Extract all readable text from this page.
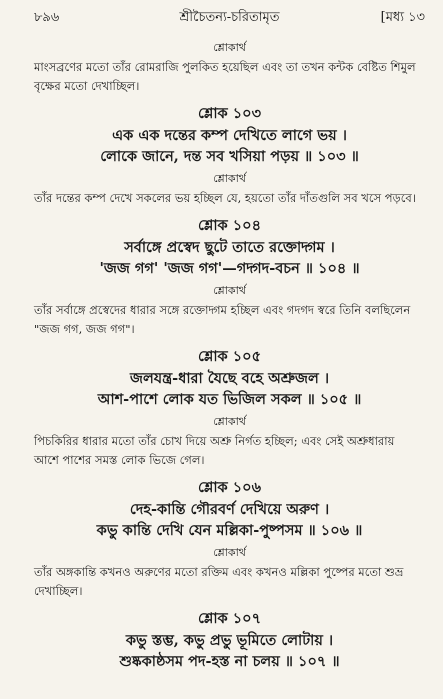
৮৯৬	শ্রীচৈতন্য-চরিতামৃত	[মধ্য ১৩
শ্লোকার্থ
মাংসব্রণের মতো তাঁর রোমরাজি পুলকিত হয়েছিল এবং তা তখন কন্টক বেষ্টিত শিমুল
বৃক্ষের মতো দেখাচ্ছিল।
শ্লোক ১০৩
এক এক দন্তের কম্প দেখিতে লাগে ভয় ।
লোকে জানে, দন্ত সব খসিয়া পড়য় ॥ ১০৩ ॥
শ্লোকার্থ
তাঁর দন্তের কম্প দেখে সকলের ভয় হচ্ছিল যে, হয়তো তাঁর দাঁতগুলি সব খসে পড়বে।
শ্লোক ১০৪
সর্বাঙ্গে প্রস্বেদ ছুটে তাতে রক্তোদ্গম ।
'জজ গগ' 'জজ গগ'—গদ্গদ-বচন ॥ ১০৪ ॥
শ্লোকার্থ
তাঁর সর্বাঙ্গে প্রস্বেদের ধারার সঙ্গে রক্তোদ্গম হচ্ছিল এবং গদগদ স্বরে তিনি বলছিলেন
"জজ গগ, জজ গগ"।
শ্লোক ১০৫
জলযন্ত্র-ধারা যৈছে বহে অশ্রুজল ।
আশ-পাশে লোক যত ভিজিল সকল ॥ ১০৫ ॥
শ্লোকার্থ
পিচকিরির ধারার মতো তাঁর চোখ দিয়ে অশ্রু নির্গত হচ্ছিল; এবং সেই অশ্রুধারায়
আশে পাশের সমস্ত লোক ভিজে গেল।
শ্লোক ১০৬
দেহ-কান্তি গৌরবর্ণ দেখিয়ে অরুণ ।
কভু কান্তি দেখি যেন মল্লিকা-পুষ্পসম ॥ ১০৬ ॥
শ্লোকার্থ
তাঁর অঙ্গকান্তি কখনও অরুণের মতো রক্তিম এবং কখনও মল্লিকা পুষ্পের মতো শুভ্র
দেখাচ্ছিল।
শ্লোক ১০৭
কভু স্তম্ভ, কভু প্রভু ভূমিতে লোটায় ।
শুষ্ককাষ্ঠসম পদ-হস্ত না চলয় ॥ ১০৭ ॥
